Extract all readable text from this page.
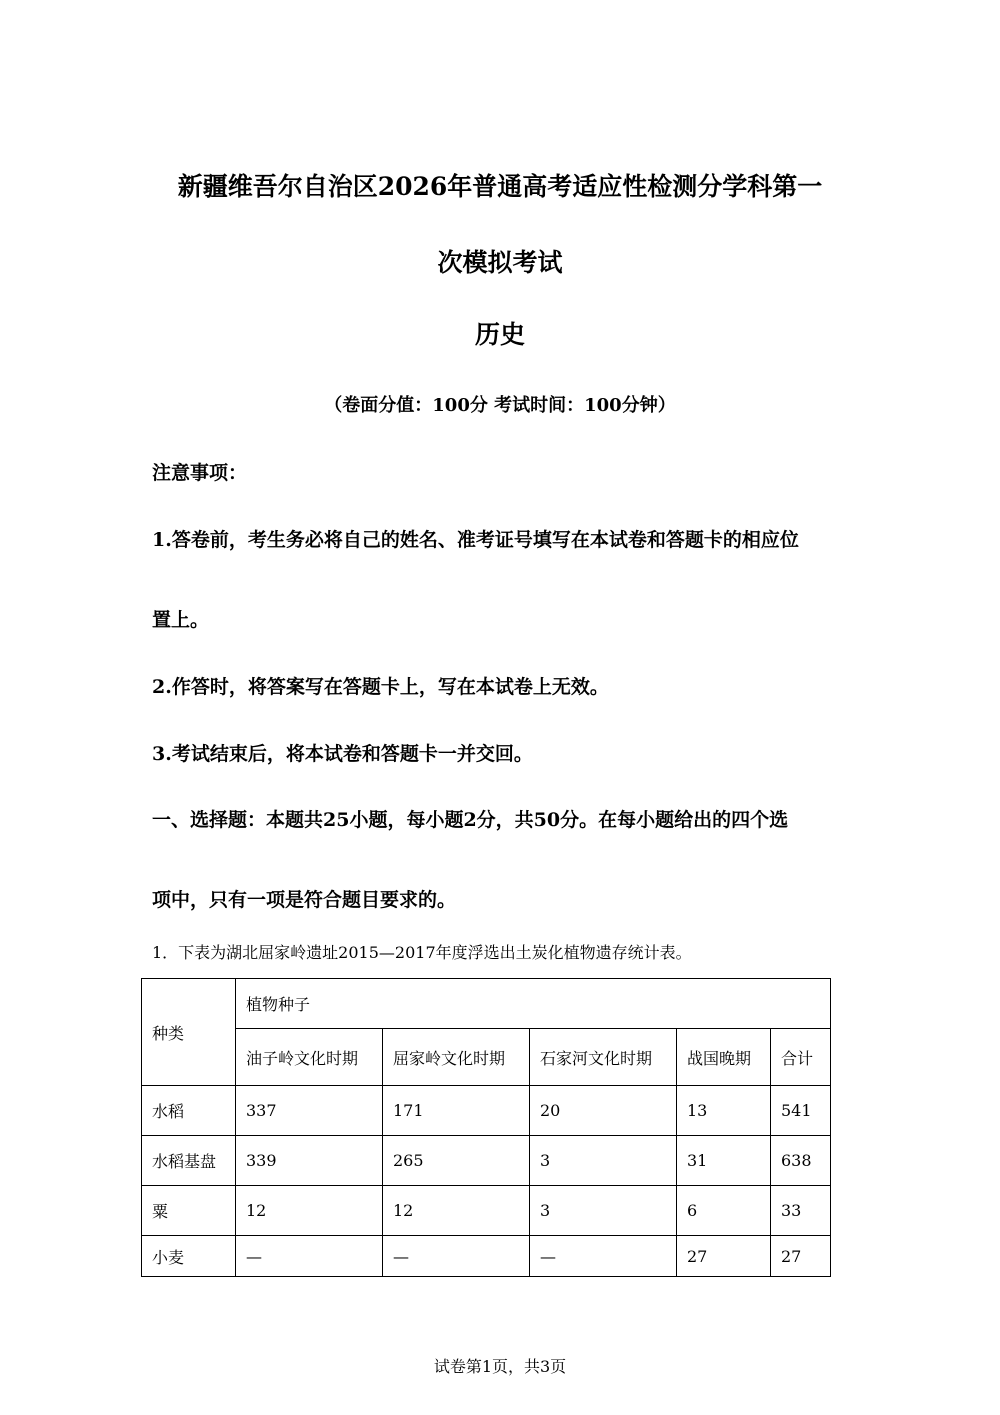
新疆维吾尔自治区2026年普通高考适应性检测分学科第一
次模拟考试
历史
（卷面分值：100分 考试时间：100分钟）
注意事项：
1.答卷前，考生务必将自己的姓名、准考证号填写在本试卷和答题卡的相应位
置上。
2.作答时，将答案写在答题卡上，写在本试卷上无效。
3.考试结束后，将本试卷和答题卡一并交回。
一、选择题：本题共25小题，每小题2分，共50分。在每小题给出的四个选
项中，只有一项是符合题目要求的。
1．下表为湖北屈家岭遗址2015—2017年度浮选出土炭化植物遗存统计表。
种类	植物种子				
	油子岭文化时期	屈家岭文化时期	石家河文化时期	战国晚期	合计
水稻	337	171	20	13	541
水稻基盘	339	265	3	31	638
粟	12	12	3	6	33
小麦	—	—	—	27	27
试卷第1页，共3页
